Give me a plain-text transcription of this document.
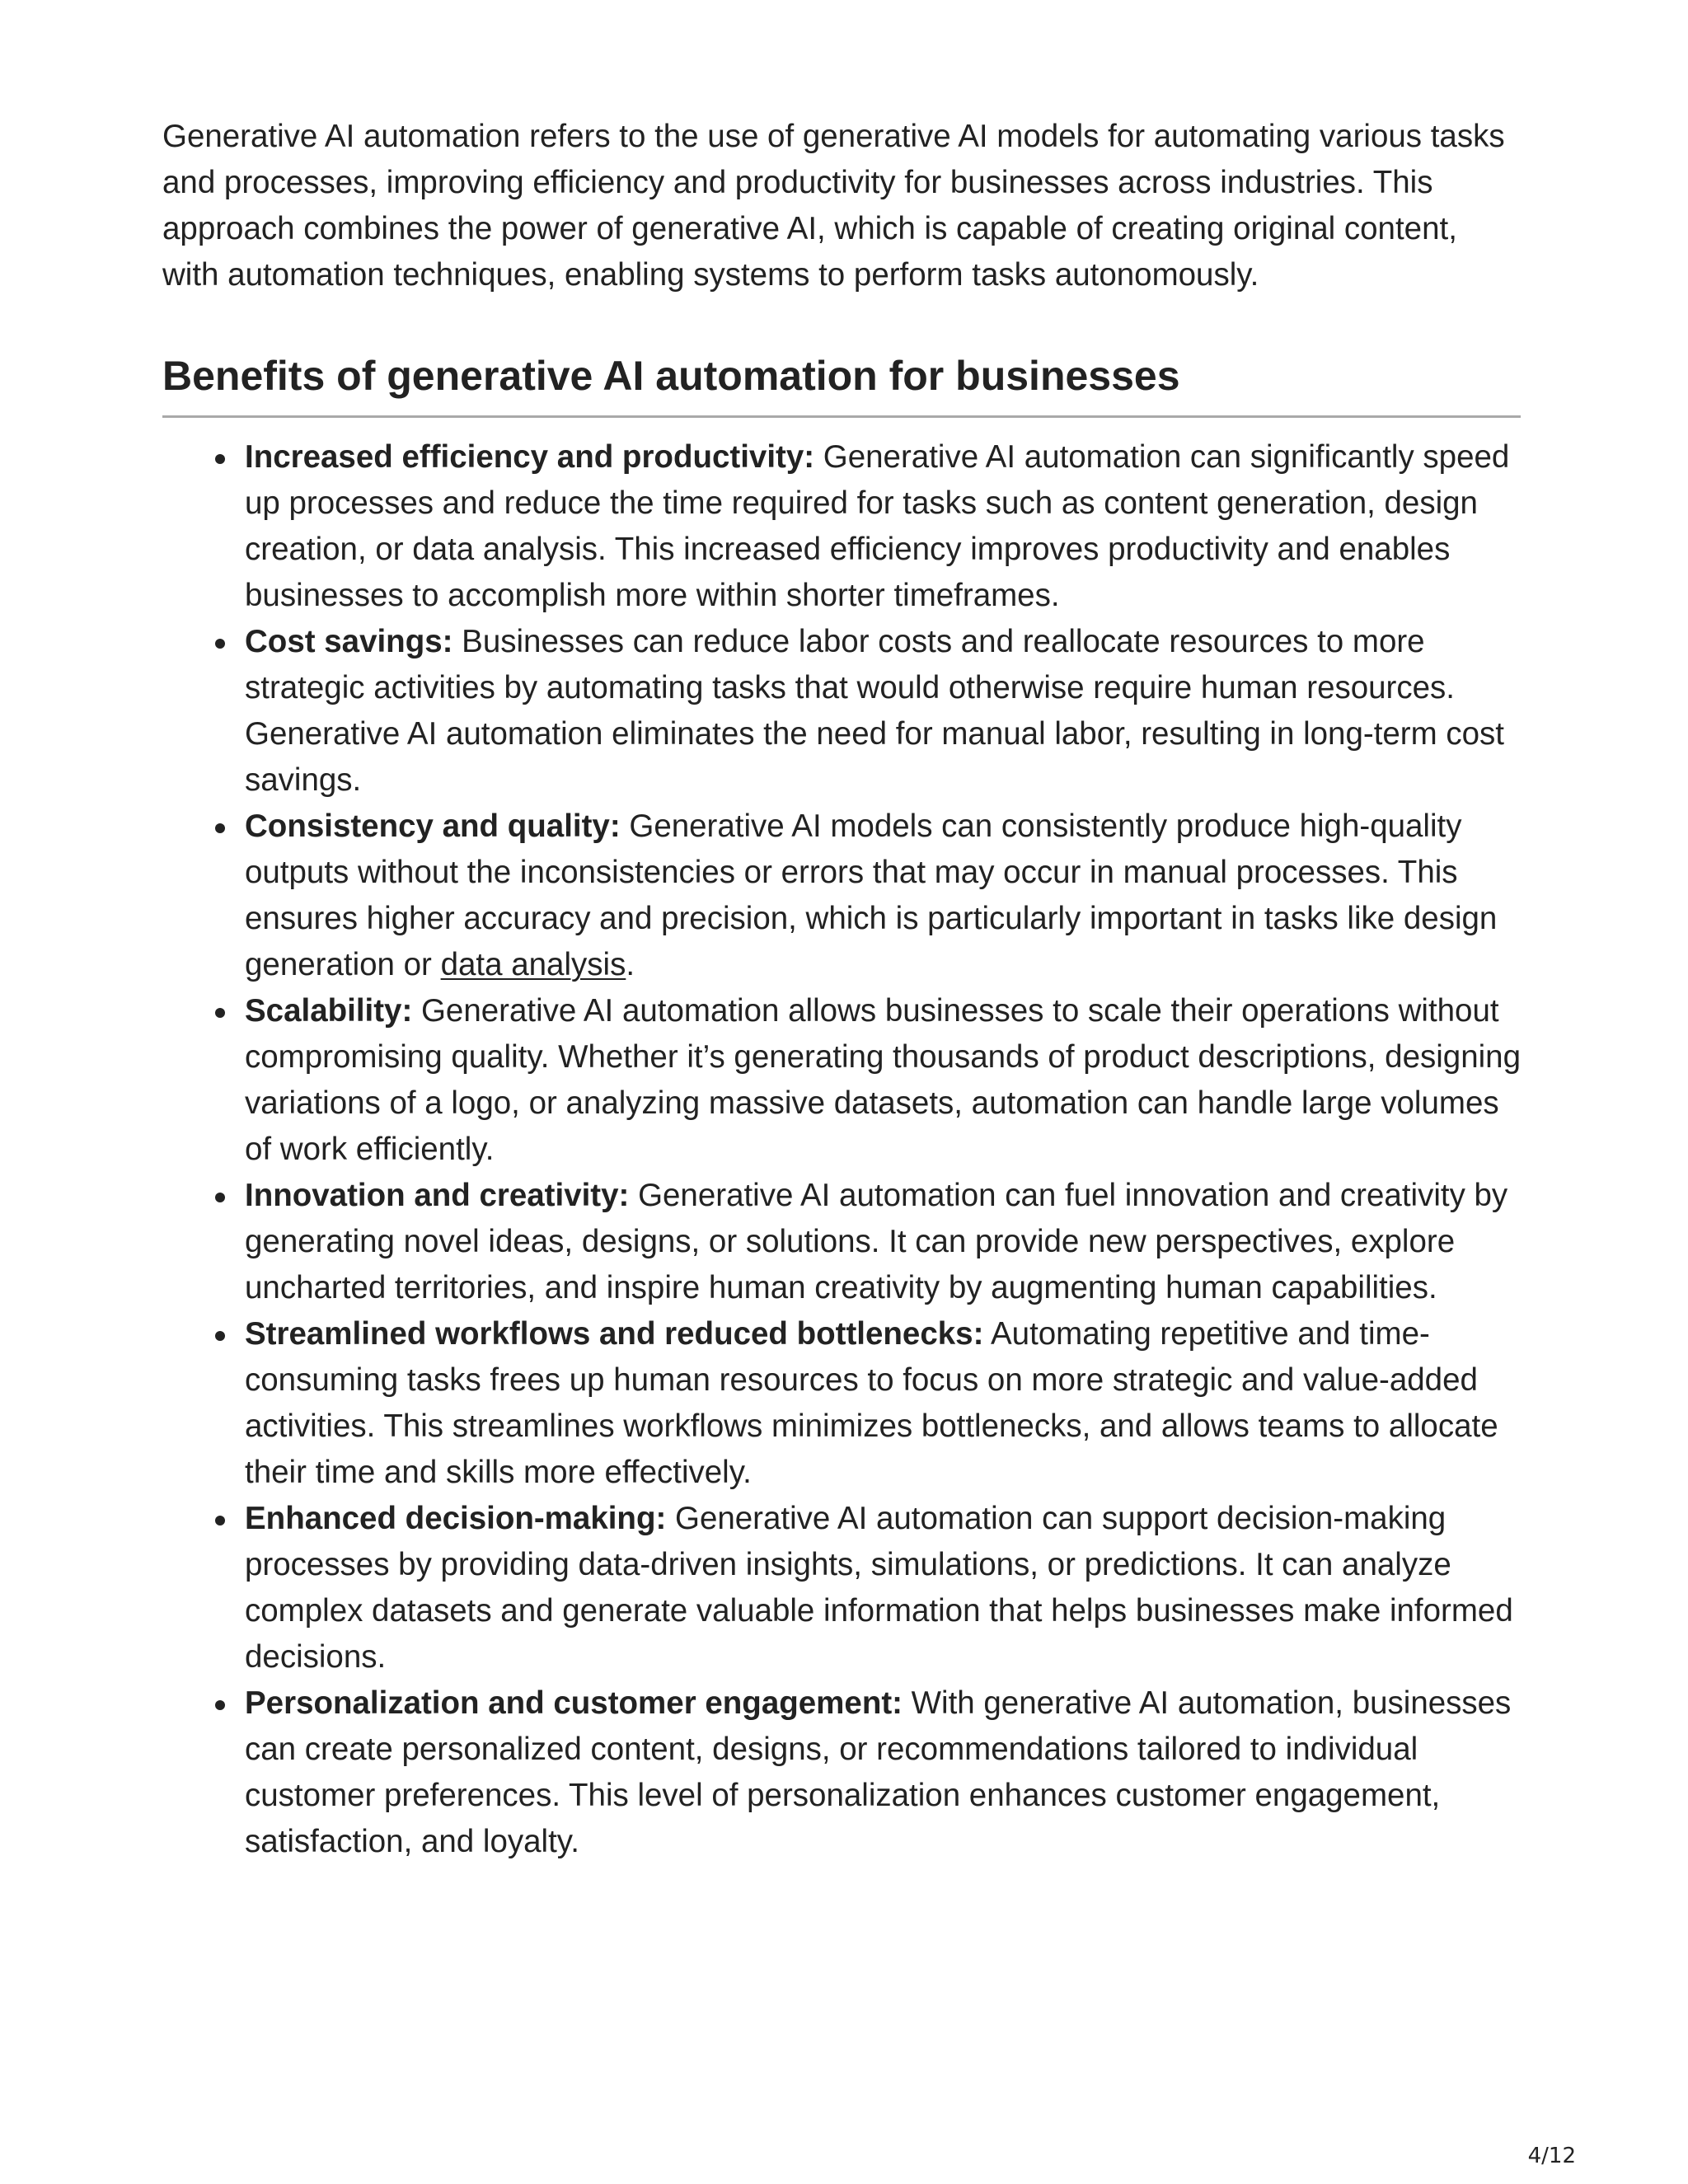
Generative AI automation refers to the use of generative AI models for automating various tasks and processes, improving efficiency and productivity for businesses across industries. This approach combines the power of generative AI, which is capable of creating original content, with automation techniques, enabling systems to perform tasks autonomously.

Benefits of generative AI automation for businesses
Increased efficiency and productivity: Generative AI automation can significantly speed up processes and reduce the time required for tasks such as content generation, design creation, or data analysis. This increased efficiency improves productivity and enables businesses to accomplish more within shorter timeframes.
Cost savings: Businesses can reduce labor costs and reallocate resources to more strategic activities by automating tasks that would otherwise require human resources. Generative AI automation eliminates the need for manual labor, resulting in long-term cost savings.
Consistency and quality: Generative AI models can consistently produce high-quality outputs without the inconsistencies or errors that may occur in manual processes. This ensures higher accuracy and precision, which is particularly important in tasks like design generation or data analysis.
Scalability: Generative AI automation allows businesses to scale their operations without compromising quality. Whether it’s generating thousands of product descriptions, designing variations of a logo, or analyzing massive datasets, automation can handle large volumes of work efficiently.
Innovation and creativity: Generative AI automation can fuel innovation and creativity by generating novel ideas, designs, or solutions. It can provide new perspectives, explore uncharted territories, and inspire human creativity by augmenting human capabilities.
Streamlined workflows and reduced bottlenecks: Automating repetitive and time-consuming tasks frees up human resources to focus on more strategic and value-added activities. This streamlines workflows minimizes bottlenecks, and allows teams to allocate their time and skills more effectively.
Enhanced decision-making: Generative AI automation can support decision-making processes by providing data-driven insights, simulations, or predictions. It can analyze complex datasets and generate valuable information that helps businesses make informed decisions.
Personalization and customer engagement: With generative AI automation, businesses can create personalized content, designs, or recommendations tailored to individual customer preferences. This level of personalization enhances customer engagement, satisfaction, and loyalty.
4/12
